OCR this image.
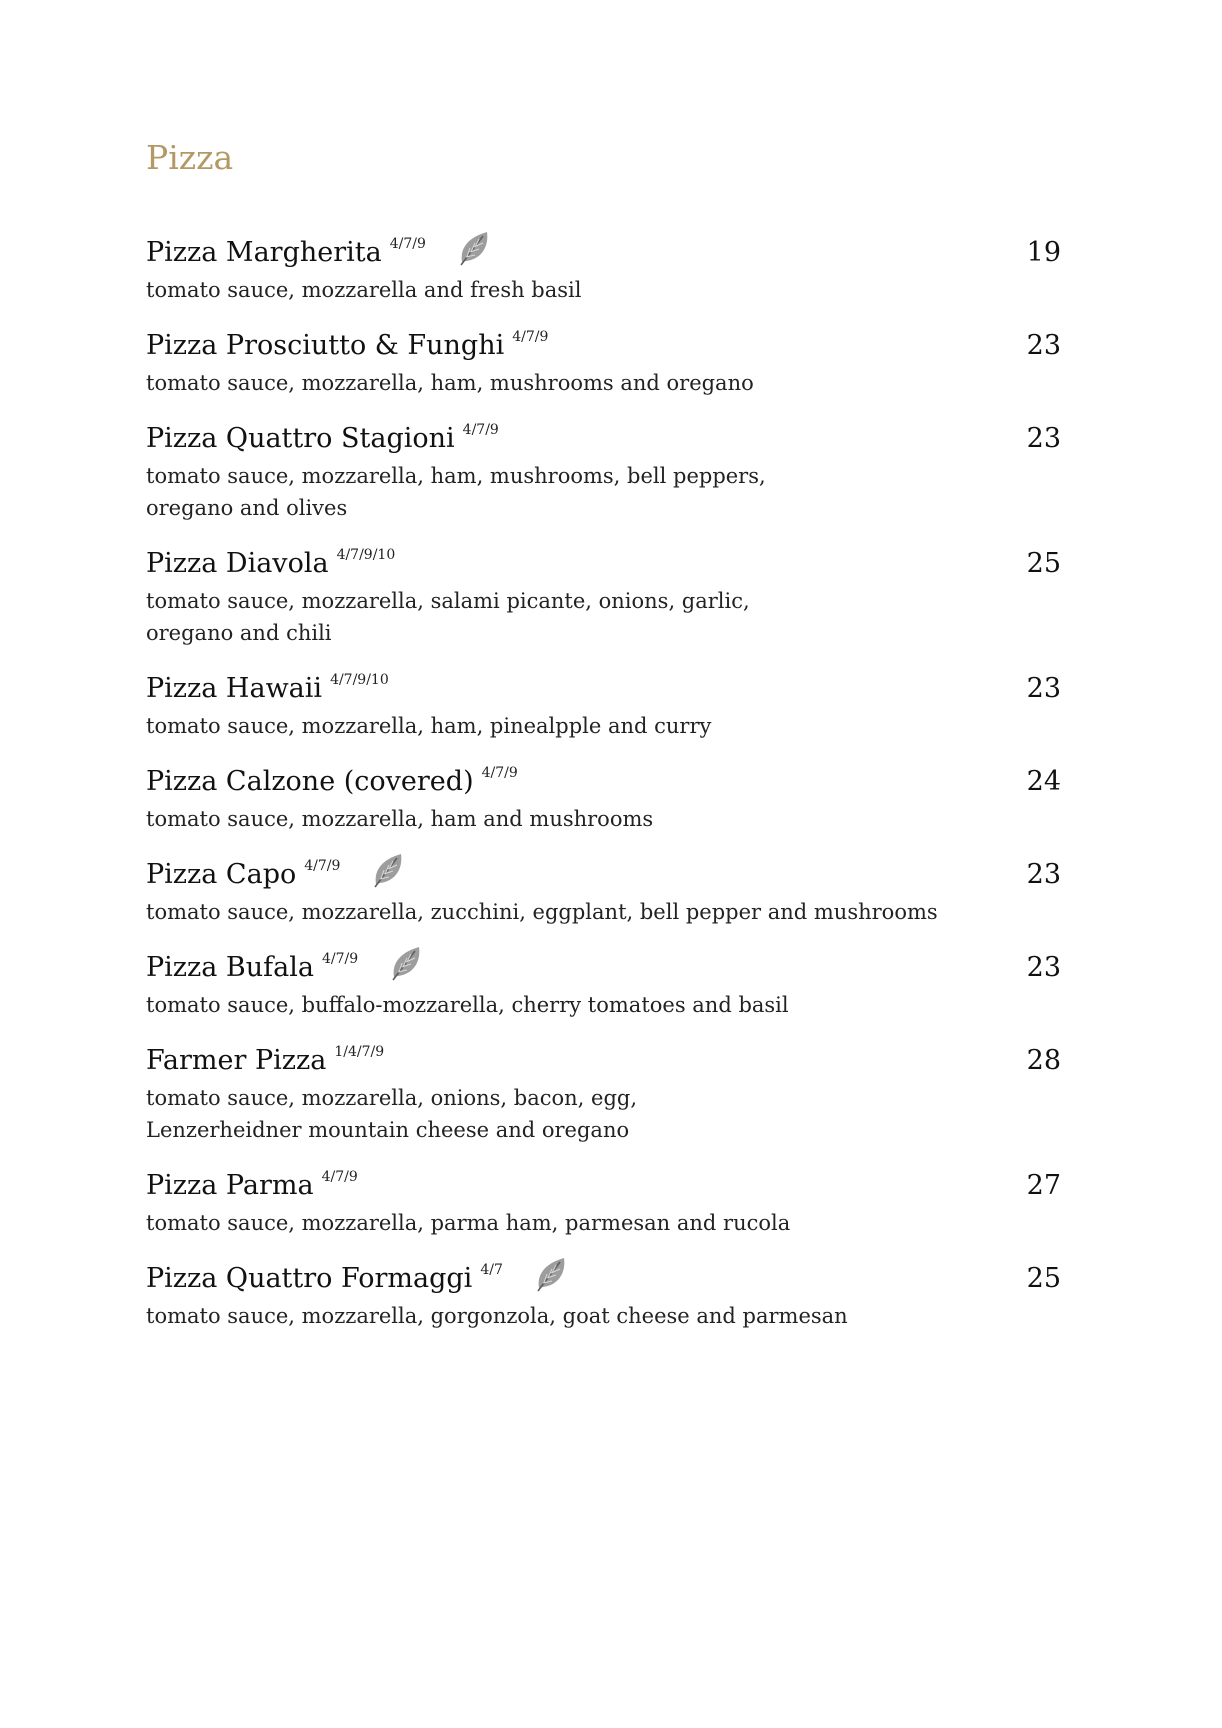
Pizza
Pizza Margherita 4/7/9	19

tomato sauce, mozzarella and fresh basil

Pizza Prosciutto & Funghi 4/7/9	23

tomato sauce, mozzarella, ham, mushrooms and oregano

Pizza Quattro Stagioni 4/7/9	23

tomato sauce, mozzarella, ham, mushrooms, bell peppers,
oregano and olives

Pizza Diavola 4/7/9/10	25

tomato sauce, mozzarella, salami picante, onions, garlic,
oregano and chili

Pizza Hawaii 4/7/9/10	23

tomato sauce, mozzarella, ham, pinealpple and curry

Pizza Calzone (covered) 4/7/9	24

tomato sauce, mozzarella, ham and mushrooms

Pizza Capo 4/7/9	23

tomato sauce, mozzarella, zucchini, eggplant, bell pepper and mushrooms

Pizza Bufala 4/7/9	23

tomato sauce, buffalo-mozzarella, cherry tomatoes and basil

Farmer Pizza 1/4/7/9	28

tomato sauce, mozzarella, onions, bacon, egg,
Lenzerheidner mountain cheese and oregano

Pizza Parma 4/7/9	27

tomato sauce, mozzarella, parma ham, parmesan and rucola

Pizza Quattro Formaggi 4/7	25

tomato sauce, mozzarella, gorgonzola, goat cheese and parmesan
